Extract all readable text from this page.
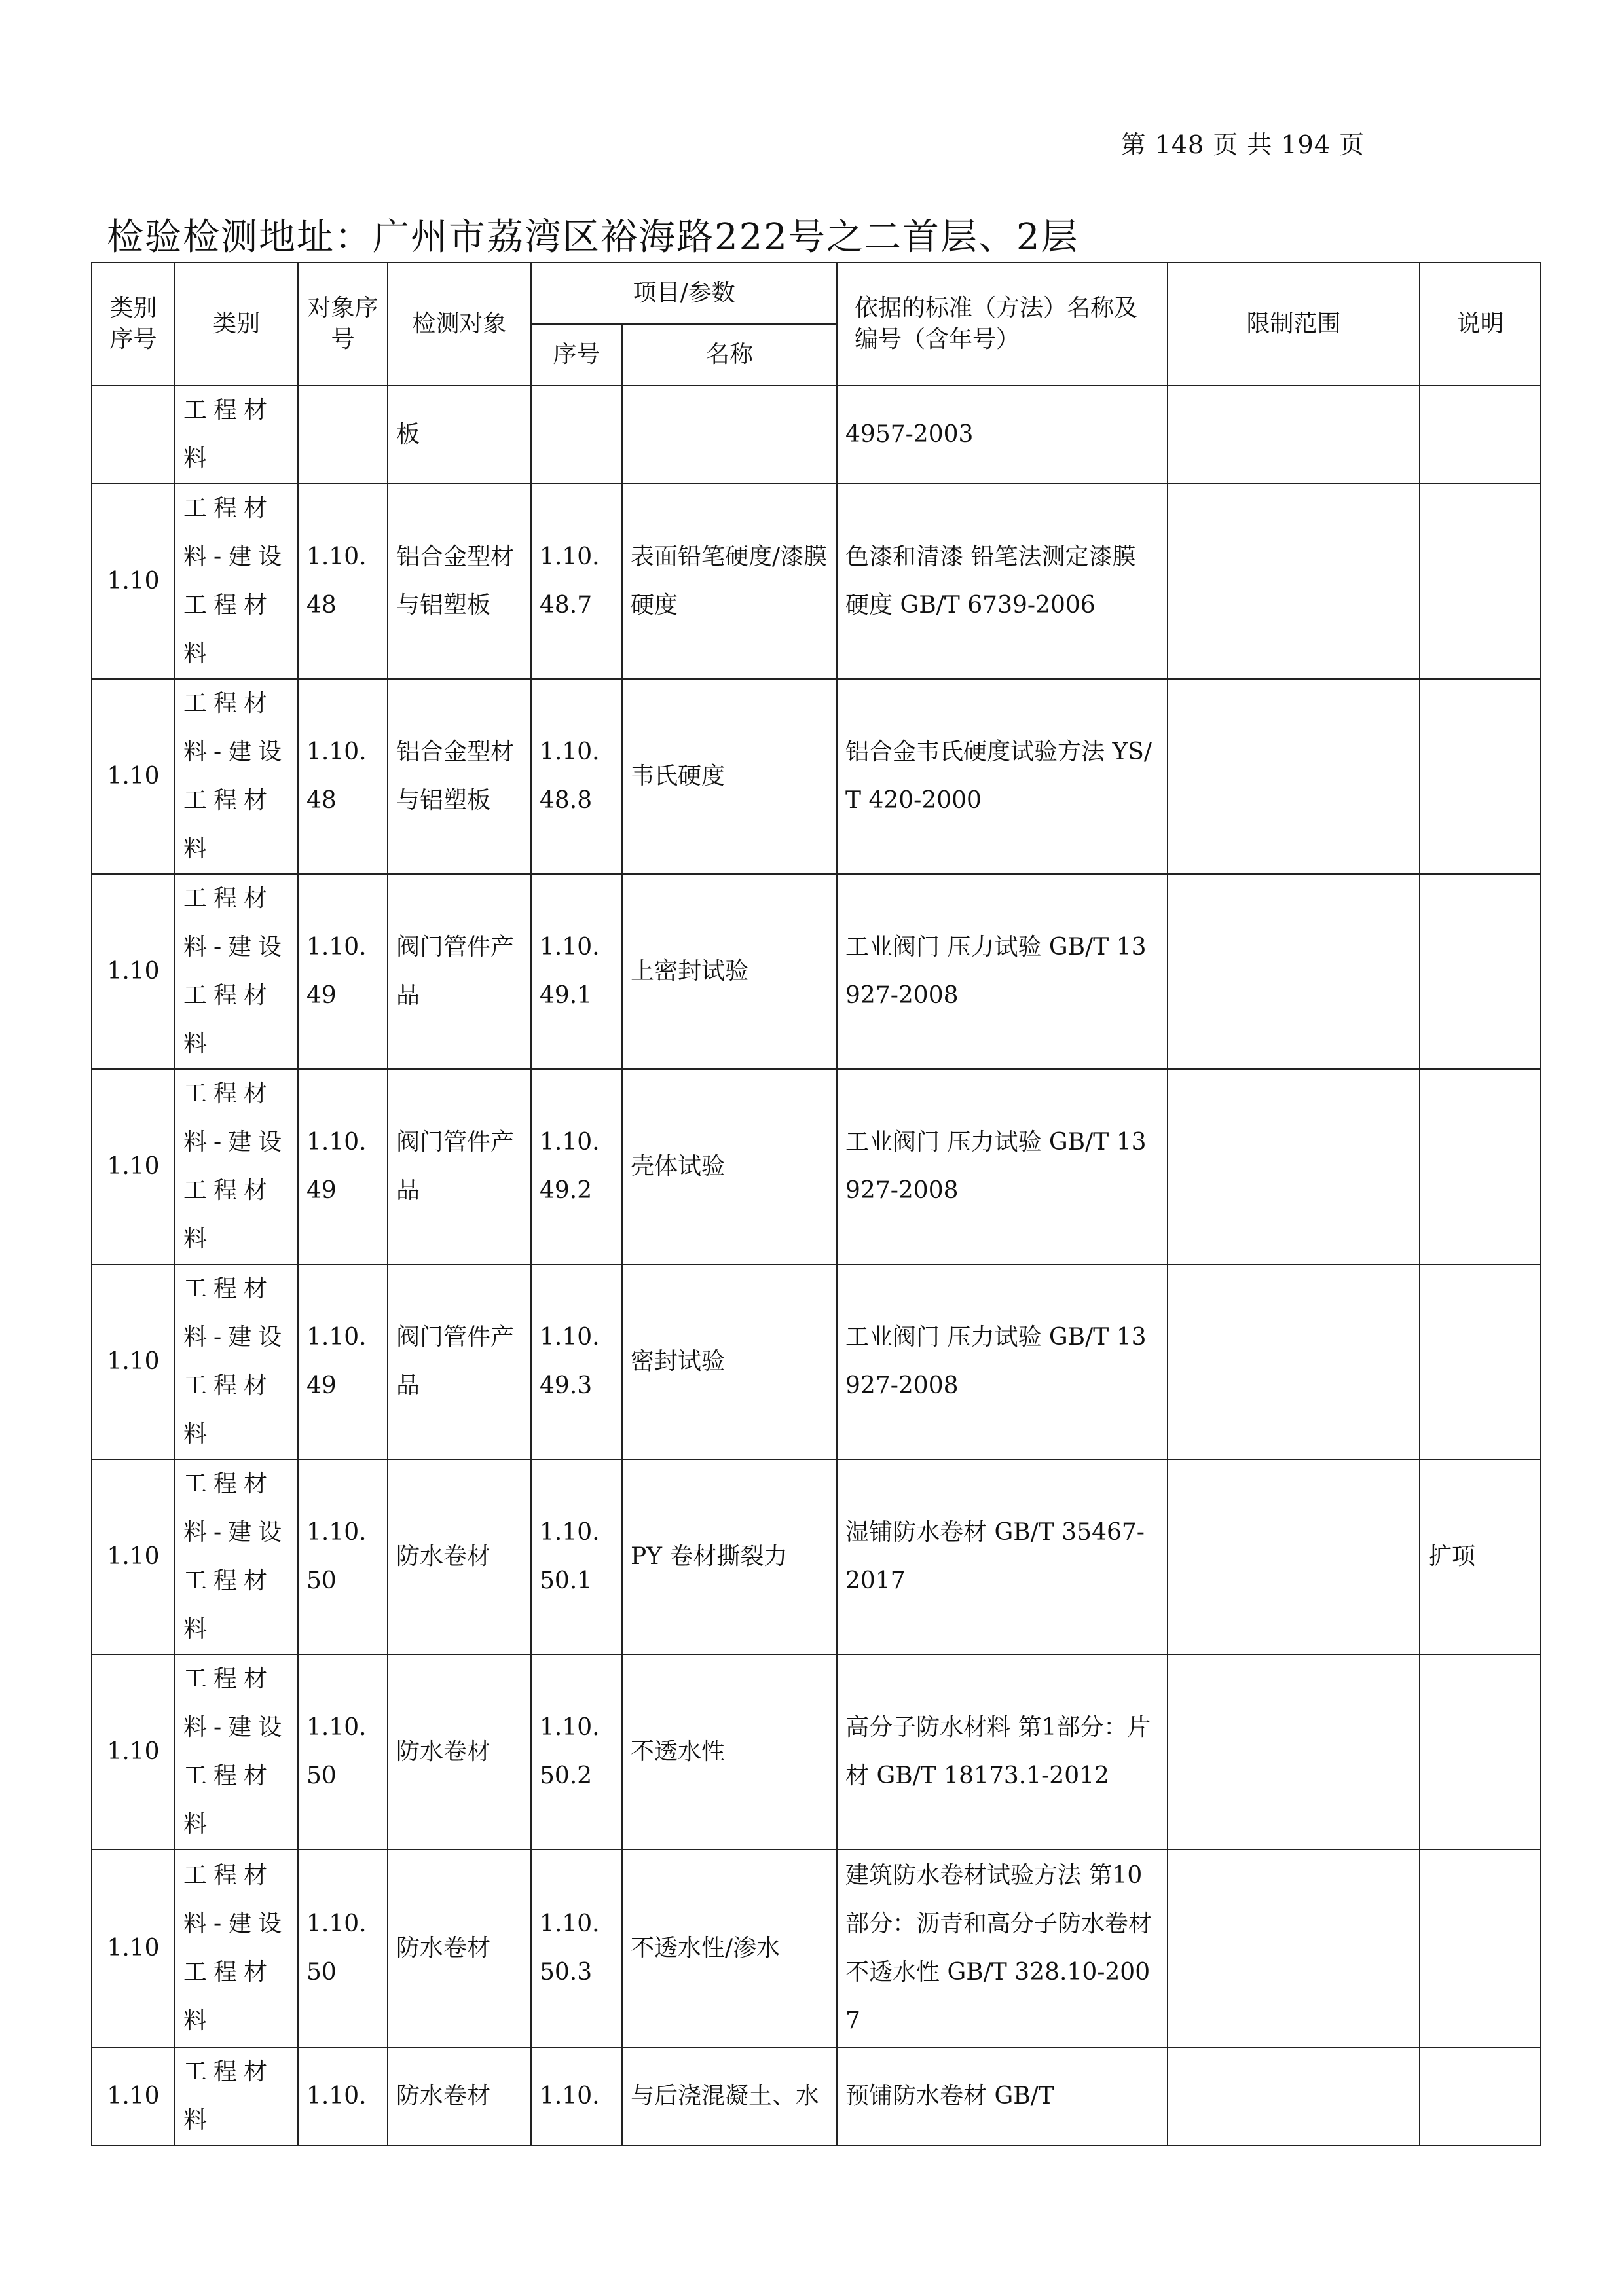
第 148 页 共 194 页
检验检测地址：广州市荔湾区裕海路222号之二首层、2层
类别序号	类别	对象序号	检测对象	项目/参数		依据的标准（方法）名称及编号（含年号）	限制范围	说明
				序号	名称			
	工程材料		板			4957-2003		
1.10	工程材料-建设工程材料	1.10.48	铝合金型材与铝塑板	1.10.48.7	表面铅笔硬度/漆膜硬度	色漆和清漆 铅笔法测定漆膜硬度 GB/T 6739-2006		
1.10	工程材料-建设工程材料	1.10.48	铝合金型材与铝塑板	1.10.48.8	韦氏硬度	铝合金韦氏硬度试验方法 YS/T 420-2000		
1.10	工程材料-建设工程材料	1.10.49	阀门管件产品	1.10.49.1	上密封试验	工业阀门 压力试验 GB/T 13927-2008		
1.10	工程材料-建设工程材料	1.10.49	阀门管件产品	1.10.49.2	壳体试验	工业阀门 压力试验 GB/T 13927-2008		
1.10	工程材料-建设工程材料	1.10.49	阀门管件产品	1.10.49.3	密封试验	工业阀门 压力试验 GB/T 13927-2008		
1.10	工程材料-建设工程材料	1.10.50	防水卷材	1.10.50.1	PY 卷材撕裂力	湿铺防水卷材 GB/T 35467-2017		扩项
1.10	工程材料-建设工程材料	1.10.50	防水卷材	1.10.50.2	不透水性	高分子防水材料 第1部分：片材 GB/T 18173.1-2012		
1.10	工程材料-建设工程材料	1.10.50	防水卷材	1.10.50.3	不透水性/渗水	建筑防水卷材试验方法 第10部分：沥青和高分子防水卷材 不透水性 GB/T 328.10-2007		
1.10	工程材料	1.10.	防水卷材	1.10.	与后浇混凝土、水	预铺防水卷材 GB/T		
